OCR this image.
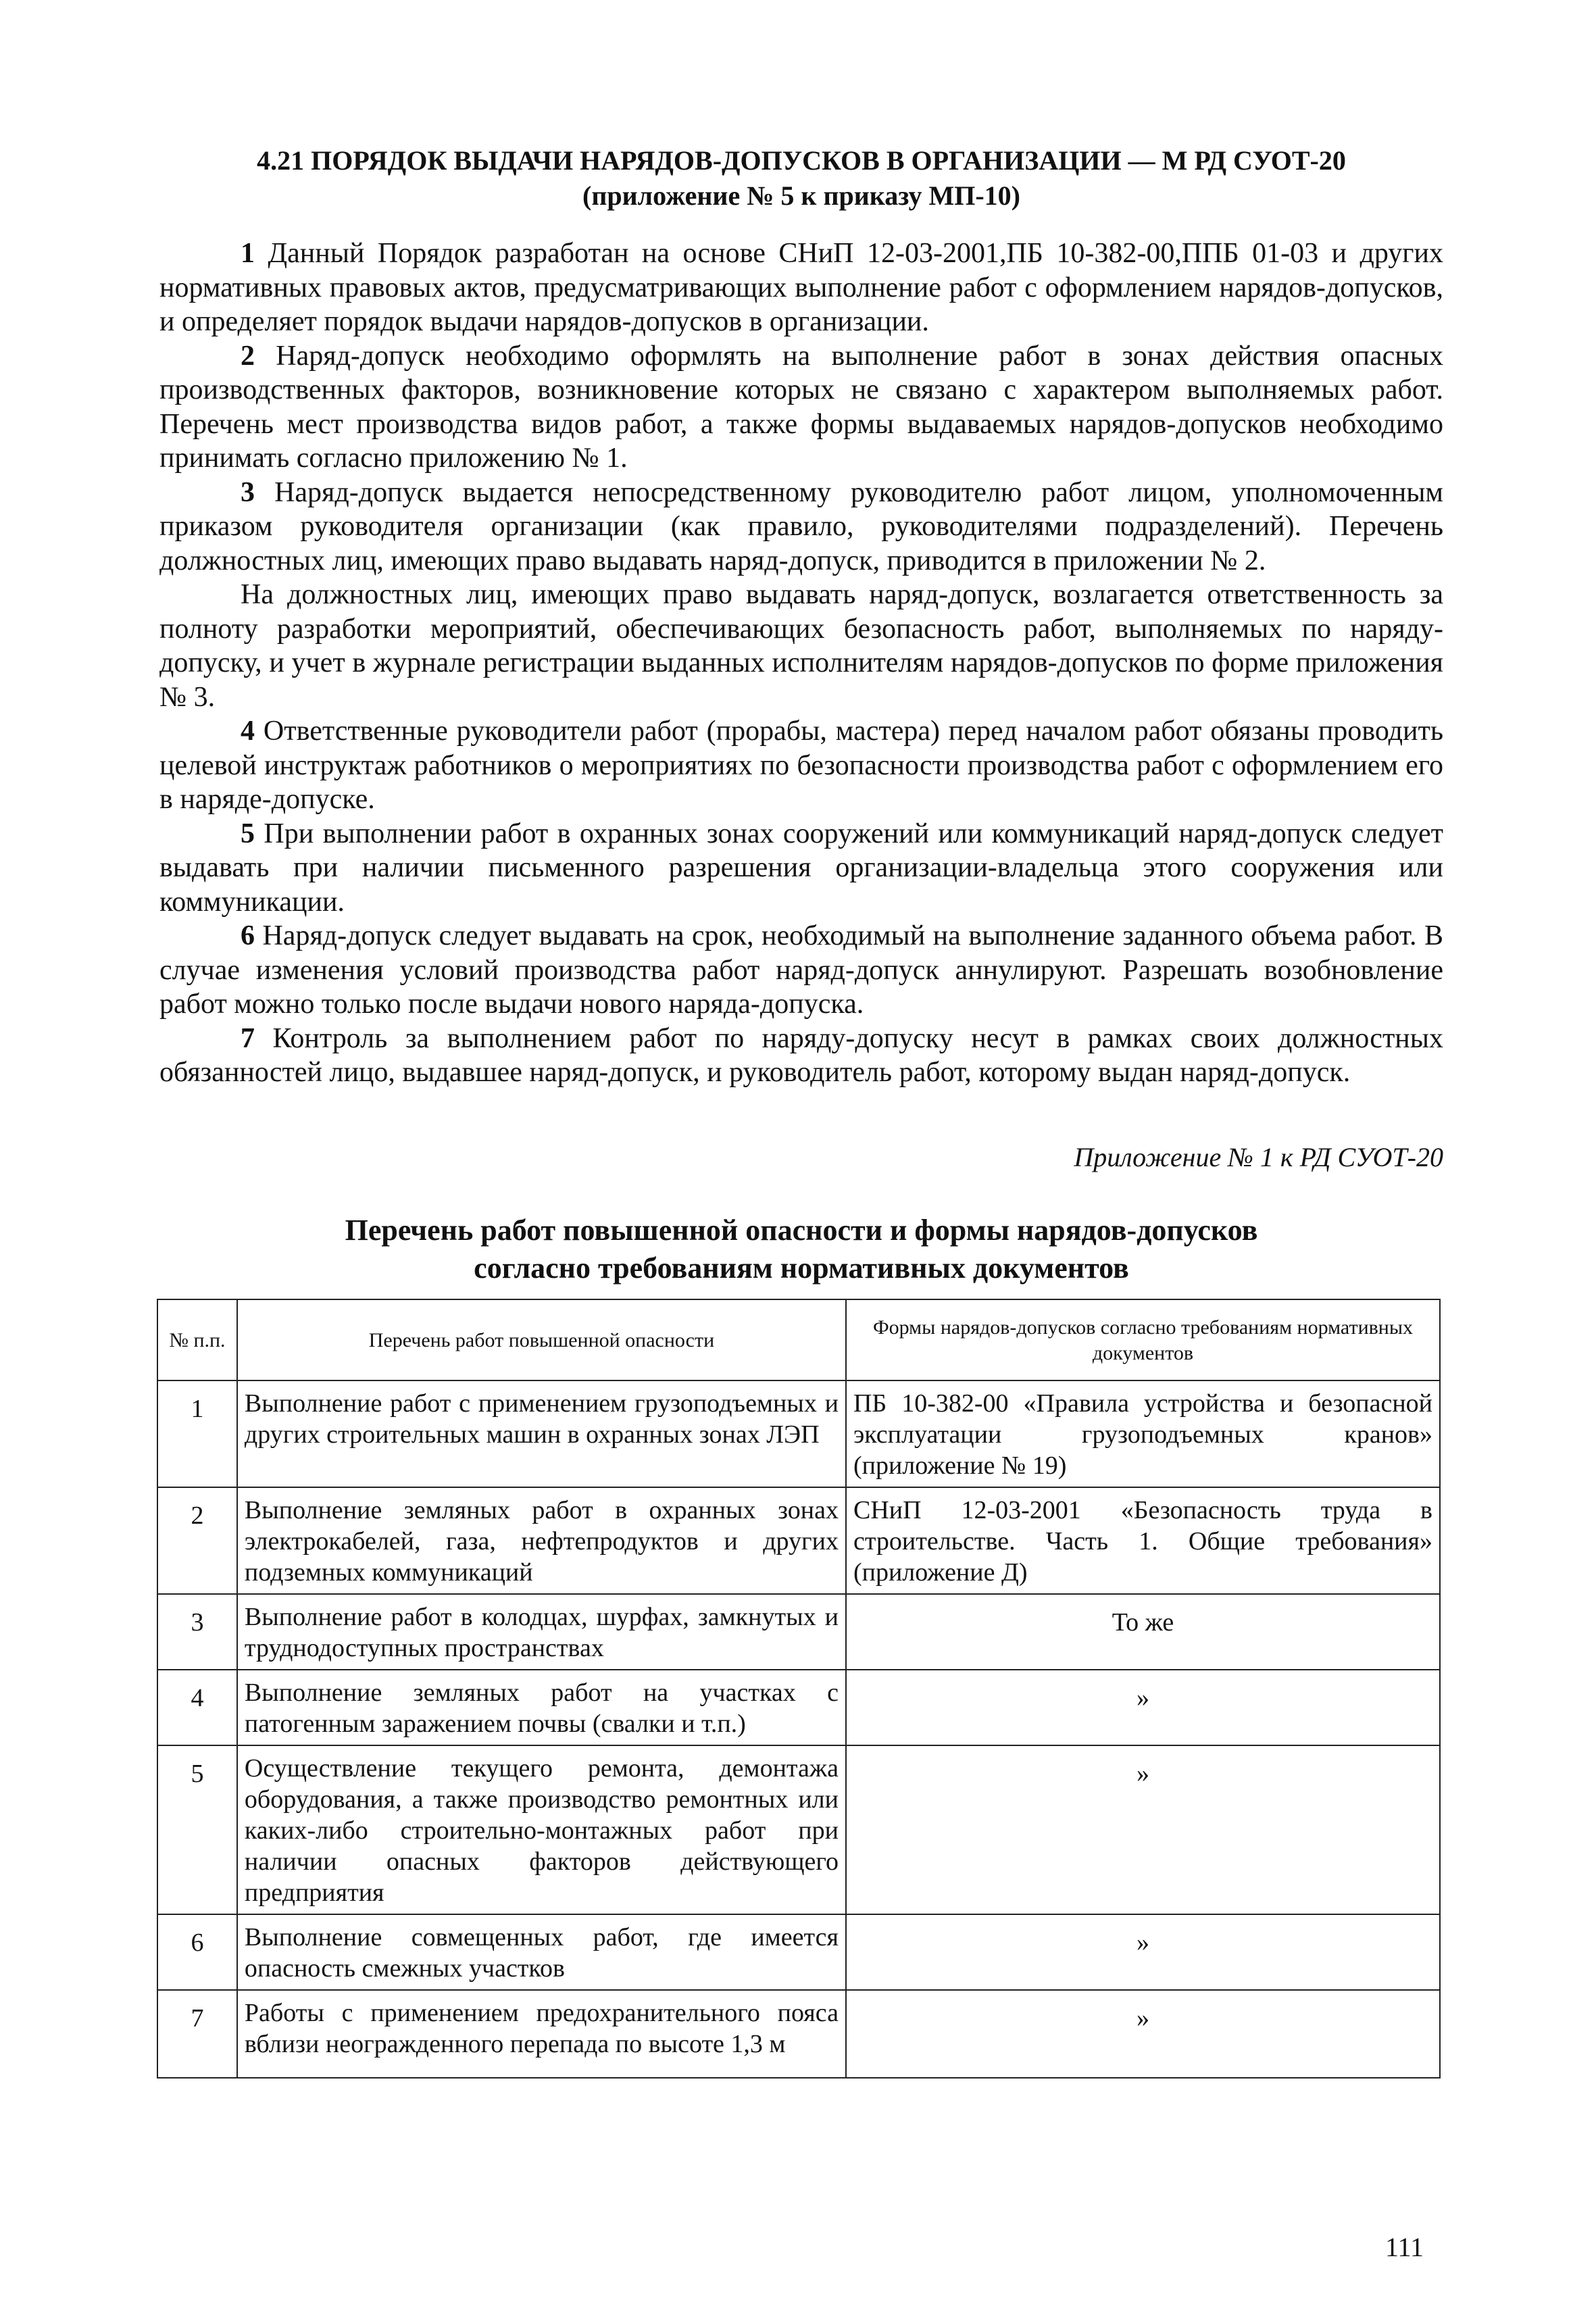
4.21 ПОРЯДОК ВЫДАЧИ НАРЯДОВ-ДОПУСКОВ В ОРГАНИЗАЦИИ — М РД СУОТ-20

(приложение № 5 к приказу МП-10)

1 Данный Порядок разработан на основе СНиП 12-03-2001,ПБ 10-382-00,ППБ 01-03 и других нормативных правовых актов, предусматривающих выполнение работ с оформлением нарядов-допусков, и определяет порядок выдачи нарядов-допусков в организации.

2 Наряд-допуск необходимо оформлять на выполнение работ в зонах действия опасных производственных факторов, возникновение которых не связано с характером выполняемых работ. Перечень мест производства видов работ, а также формы выдаваемых нарядов-допусков необходимо принимать согласно приложению № 1.

3 Наряд-допуск выдается непосредственному руководителю работ лицом, уполномоченным приказом руководителя организации (как правило, руководителями подразделений). Перечень должностных лиц, имеющих право выдавать наряд-допуск, приводится в приложении № 2.

На должностных лиц, имеющих право выдавать наряд-допуск, возлагается ответственность за полноту разработки мероприятий, обеспечивающих безопасность работ, выполняемых по наряду-допуску, и учет в журнале регистрации выданных исполнителям нарядов-допусков по форме приложения № 3.

4 Ответственные руководители работ (прорабы, мастера) перед началом работ обязаны проводить целевой инструктаж работников о мероприятиях по безопасности производства работ с оформлением его в наряде-допуске.

5 При выполнении работ в охранных зонах сооружений или коммуникаций наряд-допуск следует выдавать при наличии письменного разрешения организации-владельца этого сооружения или коммуникации.

6 Наряд-допуск следует выдавать на срок, необходимый на выполнение заданного объема работ. В случае изменения условий производства работ наряд-допуск аннулируют. Разрешать возобновление работ можно только после выдачи нового наряда-допуска.

7 Контроль за выполнением работ по наряду-допуску несут в рамках своих должностных обязанностей лицо, выдавшее наряд-допуск, и руководитель работ, которому выдан наряд-допуск.

Приложение № 1 к РД СУОТ-20

Перечень работ повышенной опасности и формы нарядов-допусков

согласно требованиям нормативных документов

№ п.п.	Перечень работ повышенной опасности	Формы нарядов-допусков согласно требованиям нормативных документов
1	Выполнение работ с применением грузоподъемных и других строительных машин в охранных зонах ЛЭП	ПБ 10-382-00 «Правила устройства и безопасной эксплуатации грузоподъемных кранов» (приложение № 19)
2	Выполнение земляных работ в охранных зонах электрокабелей, газа, нефтепродуктов и других подземных коммуникаций	СНиП 12-03-2001 «Безопасность труда в строительстве. Часть 1. Общие требования» (приложение Д)
3	Выполнение работ в колодцах, шурфах, замкнутых и труднодоступных пространствах	То же
4	Выполнение земляных работ на участках с патогенным заражением почвы (свалки и т.п.)	»
5	Осуществление текущего ремонта, демонтажа оборудования, а также производство ремонтных или каких-либо строительно-монтажных работ при наличии опасных факторов действующего предприятия	»
6	Выполнение совмещенных работ, где имеется опасность смежных участков	»
7	Работы с применением предохранительного пояса вблизи неогражденного перепада по высоте 1,3 м	»
111
